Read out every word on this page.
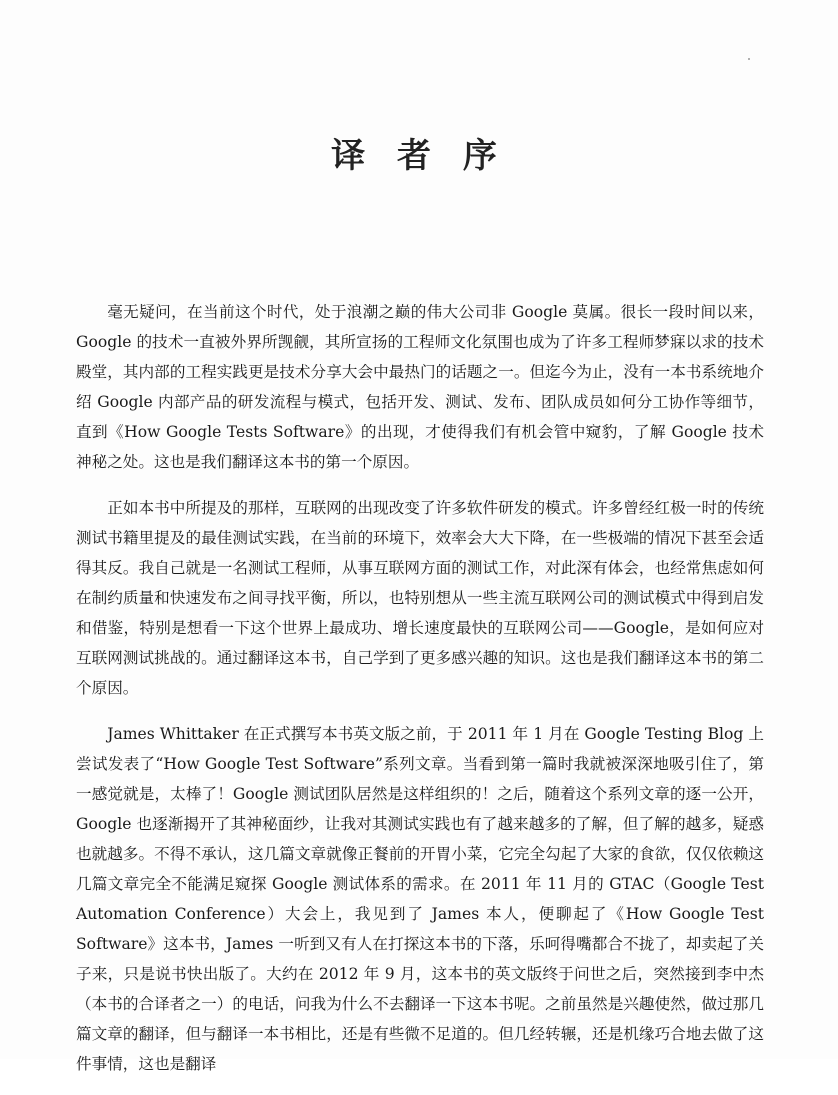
译 者 序

毫无疑问，在当前这个时代，处于浪潮之巅的伟大公司非 Google 莫属。很长一段时间以来，Google 的技术一直被外界所觊觎，其所宣扬的工程师文化氛围也成为了许多工程师梦寐以求的技术殿堂，其内部的工程实践更是技术分享大会中最热门的话题之一。但迄今为止，没有一本书系统地介绍 Google 内部产品的研发流程与模式，包括开发、测试、发布、团队成员如何分工协作等细节，直到《How Google Tests Software》的出现，才使得我们有机会管中窥豹，了解 Google 技术神秘之处。这也是我们翻译这本书的第一个原因。

正如本书中所提及的那样，互联网的出现改变了许多软件研发的模式。许多曾经红极一时的传统测试书籍里提及的最佳测试实践，在当前的环境下，效率会大大下降，在一些极端的情况下甚至会适得其反。我自己就是一名测试工程师，从事互联网方面的测试工作，对此深有体会，也经常焦虑如何在制约质量和快速发布之间寻找平衡，所以，也特别想从一些主流互联网公司的测试模式中得到启发和借鉴，特别是想看一下这个世界上最成功、增长速度最快的互联网公司——Google，是如何应对互联网测试挑战的。通过翻译这本书，自己学到了更多感兴趣的知识。这也是我们翻译这本书的第二个原因。

James Whittaker 在正式撰写本书英文版之前，于 2011 年 1 月在 Google Testing Blog 上尝试发表了“How Google Test Software”系列文章。当看到第一篇时我就被深深地吸引住了，第一感觉就是，太棒了！Google 测试团队居然是这样组织的！之后，随着这个系列文章的逐一公开，Google 也逐渐揭开了其神秘面纱，让我对其测试实践也有了越来越多的了解，但了解的越多，疑惑也就越多。不得不承认，这几篇文章就像正餐前的开胃小菜，它完全勾起了大家的食欲，仅仅依赖这几篇文章完全不能满足窥探 Google 测试体系的需求。在 2011 年 11 月的 GTAC（Google Test Automation Conference）大会上，我见到了 James 本人，便聊起了《How Google Test Software》这本书，James 一听到又有人在打探这本书的下落，乐呵得嘴都合不拢了，却卖起了关子来，只是说书快出版了。大约在 2012 年 9 月，这本书的英文版终于问世之后，突然接到李中杰（本书的合译者之一）的电话，问我为什么不去翻译一下这本书呢。之前虽然是兴趣使然，做过那几篇文章的翻译，但与翻译一本书相比，还是有些微不足道的。但几经转辗，还是机缘巧合地去做了这件事情，这也是翻译
